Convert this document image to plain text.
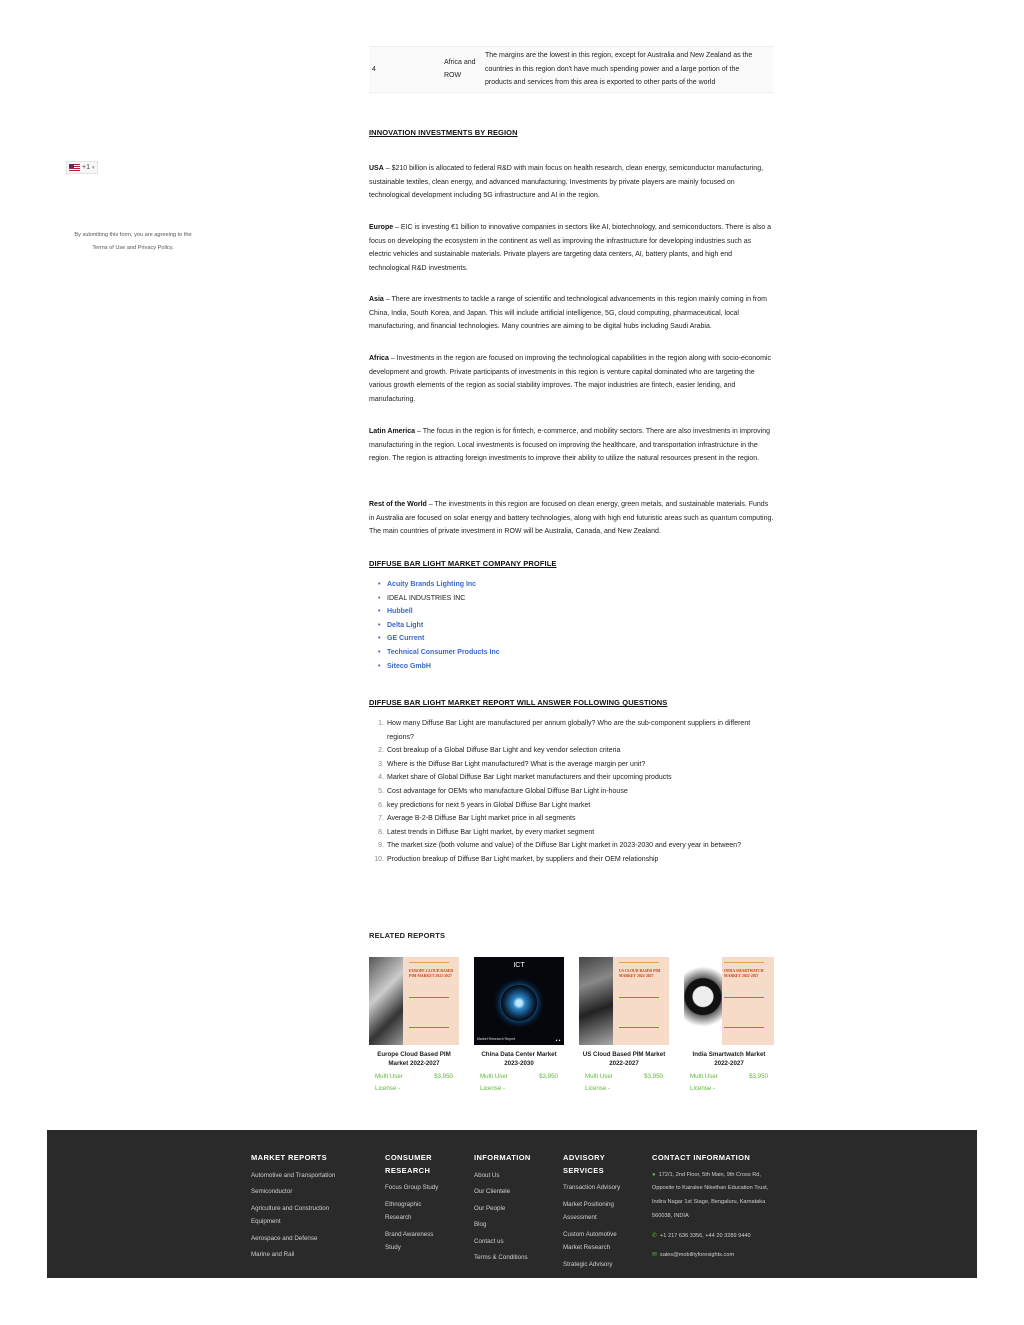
+1 ▾
By submitting this form, you are agreeing to the Terms of Use and Privacy Policy.
4	Africa and ROW	The margins are the lowest in this region, except for Australia and New Zealand as the countries in this region don't have much spending power and a large portion of the products and services from this area is exported to other parts of the world
INNOVATION INVESTMENTS BY REGION
USA – $210 billion is allocated to federal R&D with main focus on health research, clean energy, semiconductor manufacturing, sustainable textiles, clean energy, and advanced manufacturing. Investments by private players are mainly focused on technological development including 5G infrastructure and AI in the region.
Europe – EIC is investing €1 billion to innovative companies in sectors like AI, biotechnology, and semiconductors. There is also a focus on developing the ecosystem in the continent as well as improving the infrastructure for developing industries such as electric vehicles and sustainable materials. Private players are targeting data centers, AI, battery plants, and high end technological R&D investments.
Asia – There are investments to tackle a range of scientific and technological advancements in this region mainly coming in from China, India, South Korea, and Japan. This will include artificial intelligence, 5G, cloud computing, pharmaceutical, local manufacturing, and financial technologies. Many countries are aiming to be digital hubs including Saudi Arabia.
Africa – Investments in the region are focused on improving the technological capabilities in the region along with socio-economic development and growth. Private participants of investments in this region is venture capital dominated who are targeting the various growth elements of the region as social stability improves. The major industries are fintech, easier lending, and manufacturing.
Latin America – The focus in the region is for fintech, e-commerce, and mobility sectors. There are also investments in improving manufacturing in the region. Local investments is focused on improving the healthcare, and transportation infrastructure in the region. The region is attracting foreign investments to improve their ability to utilize the natural resources present in the region.
Rest of the World – The investments in this region are focused on clean energy, green metals, and sustainable materials. Funds in Australia are focused on solar energy and battery technologies, along with high end futuristic areas such as quantum computing. The main countries of private investment in ROW will be Australia, Canada, and New Zealand.
DIFFUSE BAR LIGHT MARKET COMPANY PROFILE
• Acuity Brands Lighting Inc
• IDEAL INDUSTRIES INC
• Hubbell
• Delta Light
• GE Current
• Technical Consumer Products Inc
• Siteco GmbH
DIFFUSE BAR LIGHT MARKET REPORT WILL ANSWER FOLLOWING QUESTIONS
1. How many Diffuse Bar Light are manufactured per annum globally? Who are the sub-component suppliers in different regions?
2. Cost breakup of a Global Diffuse Bar Light and key vendor selection criteria
3. Where is the Diffuse Bar Light manufactured? What is the average margin per unit?
4. Market share of Global Diffuse Bar Light market manufacturers and their upcoming products
5. Cost advantage for OEMs who manufacture Global Diffuse Bar Light in-house
6. key predictions for next 5 years in Global Diffuse Bar Light market
7. Average B-2-B Diffuse Bar Light market price in all segments
8. Latest trends in Diffuse Bar Light market, by every market segment
9. The market size (both volume and value) of the Diffuse Bar Light market in 2023-2030 and every year in between?
10. Production breakup of Diffuse Bar Light market, by suppliers and their OEM relationship
RELATED REPORTS
EUROPE CLOUD BASED PIM MARKET 2022-2027
Europe Cloud Based PIM Market 2022-2027
Multi User License -
$3,950
ICT
Market Research Report	▲▲
China Data Center Market 2023-2030
Multi User License -
$3,950
US CLOUD BASED PIM MARKET 2022-2027
US Cloud Based PIM Market 2022-2027
Multi User License -
$3,950
INDIA SMARTWATCH MARKET 2022-2027
India Smartwatch Market 2022-2027
Multi User License -
$3,950
MARKET REPORTS
Automotive and Transportation
Semiconductor
Agriculture and Construction Equipment
Aerospace and Defense
Marine and Rail
CONSUMER RESEARCH
Focus Group Study
Ethnographic Research
Brand Awareness Study
INFORMATION
About Us
Our Clientele
Our People
Blog
Contact us
Terms & Conditions
ADVISORY SERVICES
Transaction Advisory
Market Positioning Assessment
Custom Automotive Market Research
Strategic Advisory
CONTACT INFORMATION
● 172/1, 2nd Floor, 5th Main, 9th Cross Rd, Opposite to Kairalee Nikethan Education Trust, Indira Nagar 1st Stage, Bengaluru, Karnataka 560038, INDIA
✆ +1 217 636 3356, +44 20 3289 9440
✉ sales@mobilityforesights.com
